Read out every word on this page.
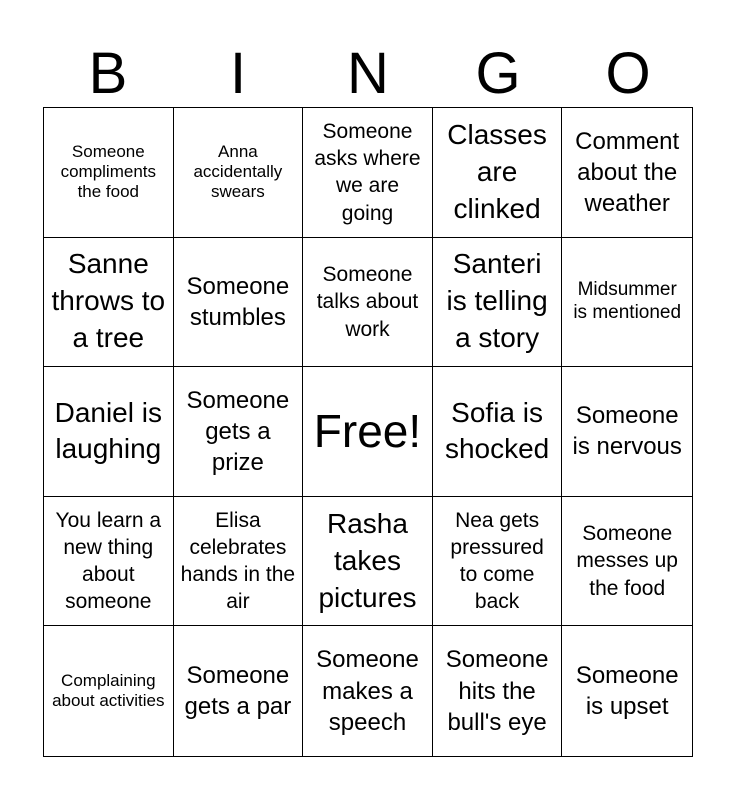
B	I	N	G	O
Someone compliments the food
Anna accidentally swears
Someone asks where we are going
Classes are clinked
Comment about the weather
Sanne throws to a tree
Someone stumbles
Someone talks about work
Santeri is telling a story
Midsummer is mentioned
Daniel is laughing
Someone gets a prize
Free!	Sofia is shocked
Someone is nervous
You learn a new thing about someone
Elisa celebrates hands in the air
Rasha takes pictures
Nea gets pressured to come back
Someone messes up the food
Complaining about activities
Someone gets a par
Someone makes a speech
Someone hits the bull's eye
Someone is upset
